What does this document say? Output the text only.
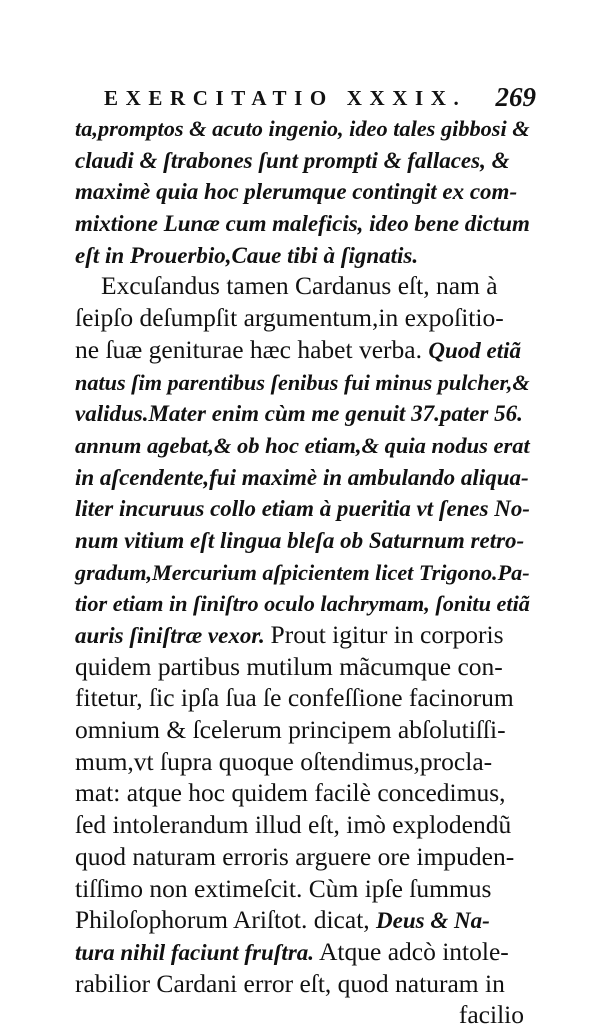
EXERCITATIO XXXIX. 269
ta,promptos & acuto ingenio, ideo tales gibbosi &
claudi & ſtrabones ſunt prompti & fallaces, &
maximè quia hoc plerumque contingit ex com-
mixtione Lunæ cum maleficis, ideo bene dictum
eſt in Prouerbio,Caue tibi à ſignatis.
Excuſandus tamen Cardanus eſt, nam à
ſeipſo deſumpſit argumentum,in expoſitio-
ne ſuæ geniturae hæc habet verba. Quod etiã
natus ſim parentibus ſenibus fui minus pulcher,&
validus.Mater enim cùm me genuit 37.pater 56.
annum agebat,& ob hoc etiam,& quia nodus erat
in aſcendente,fui maximè in ambulando aliqua-
liter incuruus collo etiam à pueritia vt ſenes No-
num vitium eſt lingua bleſa ob Saturnum retro-
gradum,Mercurium aſpicientem licet Trigono.Pa-
tior etiam in ſiniſtro oculo lachrymam, ſonitu etiã
auris ſiniſtræ vexor. Prout igitur in corporis
quidem partibus mutilum mãcumque con-
fitetur, ſic ipſa ſua ſe confeſſione facinorum
omnium & ſcelerum principem abſolutiſſi-
mum,vt ſupra quoque oſtendimus,procla-
mat: atque hoc quidem facilè concedimus,
ſed intolerandum illud eſt, imò explodendũ
quod naturam erroris arguere ore impuden-
tiſſimo non extimeſcit. Cùm ipſe ſummus
Philoſophorum Ariſtot. dicat, Deus & Na-
tura nihil faciunt fruſtra. Atque adcò intole-
rabilior Cardani error eſt, quod naturam in
facilio
